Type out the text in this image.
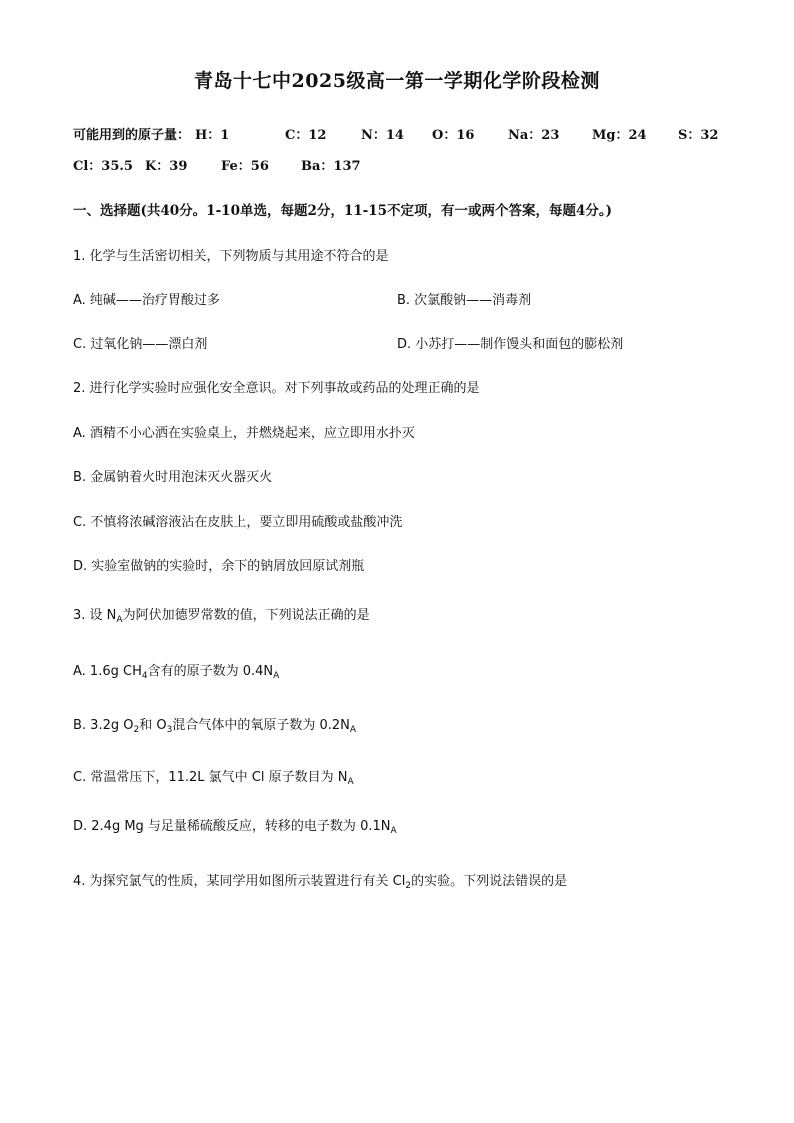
青岛十七中2025级高一第一学期化学阶段检测
可能用到的原子量： H：1	C：12	N：14 O：16	Na：23	Mg：24 S：32
Cl：35.5 K：39	Fe：56 Ba：137
一、选择题(共40分。1-10单选，每题2分，11-15不定项，有一或两个答案，每题4分。)
1. 化学与生活密切相关，下列物质与其用途不符合的是
A. 纯碱——治疗胃酸过多	B. 次氯酸钠——消毒剂
C. 过氧化钠——漂白剂	D. 小苏打——制作馒头和面包的膨松剂
2. 进行化学实验时应强化安全意识。对下列事故或药品的处理正确的是
A. 酒精不小心洒在实验桌上，并燃烧起来，应立即用水扑灭
B. 金属钠着火时用泡沫灭火器灭火
C. 不慎将浓碱溶液沾在皮肤上，要立即用硫酸或盐酸冲洗
D. 实验室做钠的实验时，余下的钠屑放回原试剂瓶
3. 设 $N_A$为阿伏加德罗常数的值，下列说法正确的是
A. 1.6g $CH_4$含有的原子数为 $0.4N_A$
B. 3.2g $O_2$和 $O_3$混合气体中的氧原子数为 $0.2N_A$
C. 常温常压下，11.2L 氯气中 Cl 原子数目为 $N_A$
D. 2.4g Mg 与足量稀硫酸反应，转移的电子数为 $0.1N_A$
4. 为探究氯气的性质，某同学用如图所示装置进行有关 $Cl_2$的实验。下列说法错误的是
